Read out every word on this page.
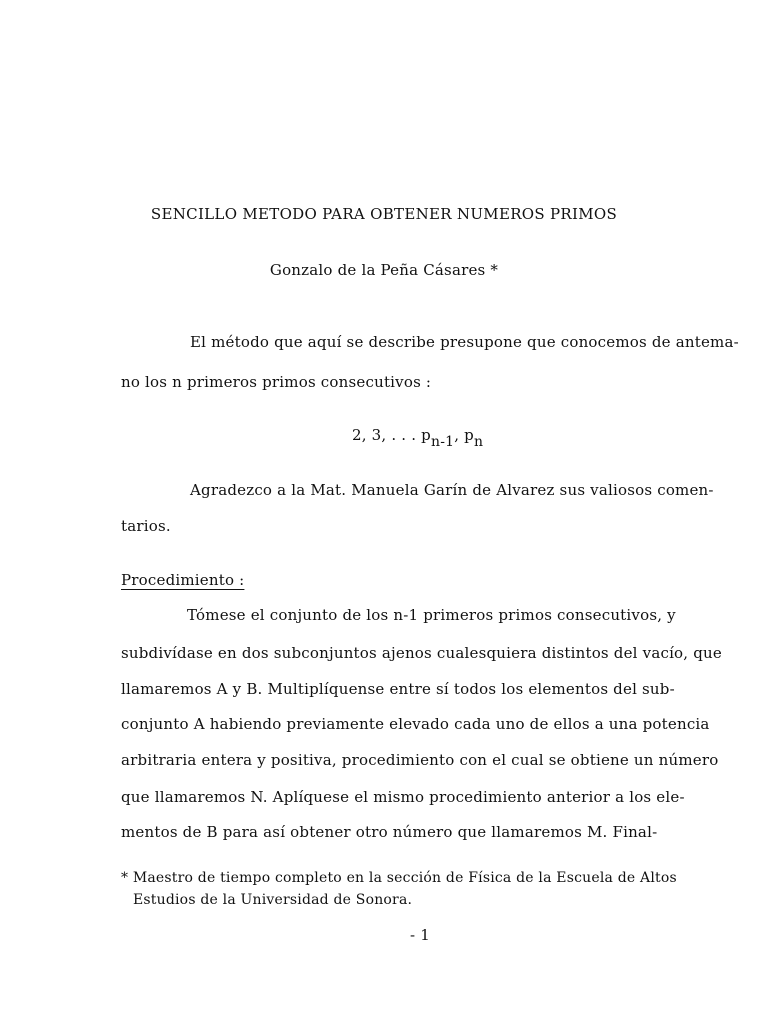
SENCILLO METODO PARA OBTENER NUMEROS PRIMOS
Gonzalo de la Peña Cásares *
El método que aquí se describe presupone que conocemos de antema-
no los n primeros primos consecutivos :
2, 3, . . . pn-1, pn
Agradezco a la Mat. Manuela Garín de Alvarez sus valiosos comen-
tarios.
Procedimiento :
Tómese el conjunto de los n-1 primeros primos consecutivos, y
subdivídase en dos subconjuntos ajenos cualesquiera distintos del vacío, que
llamaremos A y B. Multiplíquense entre sí todos los elementos del sub-
conjunto A habiendo previamente elevado cada uno de ellos a una potencia
arbitraria entera y positiva, procedimiento con el cual se obtiene un número
que llamaremos N. Aplíquese el mismo procedimiento anterior a los ele-
mentos de B para así obtener otro número que llamaremos M. Final-
* Maestro de tiempo completo en la sección de Física de la Escuela de Altos
Estudios de la Universidad de Sonora.
- 1
